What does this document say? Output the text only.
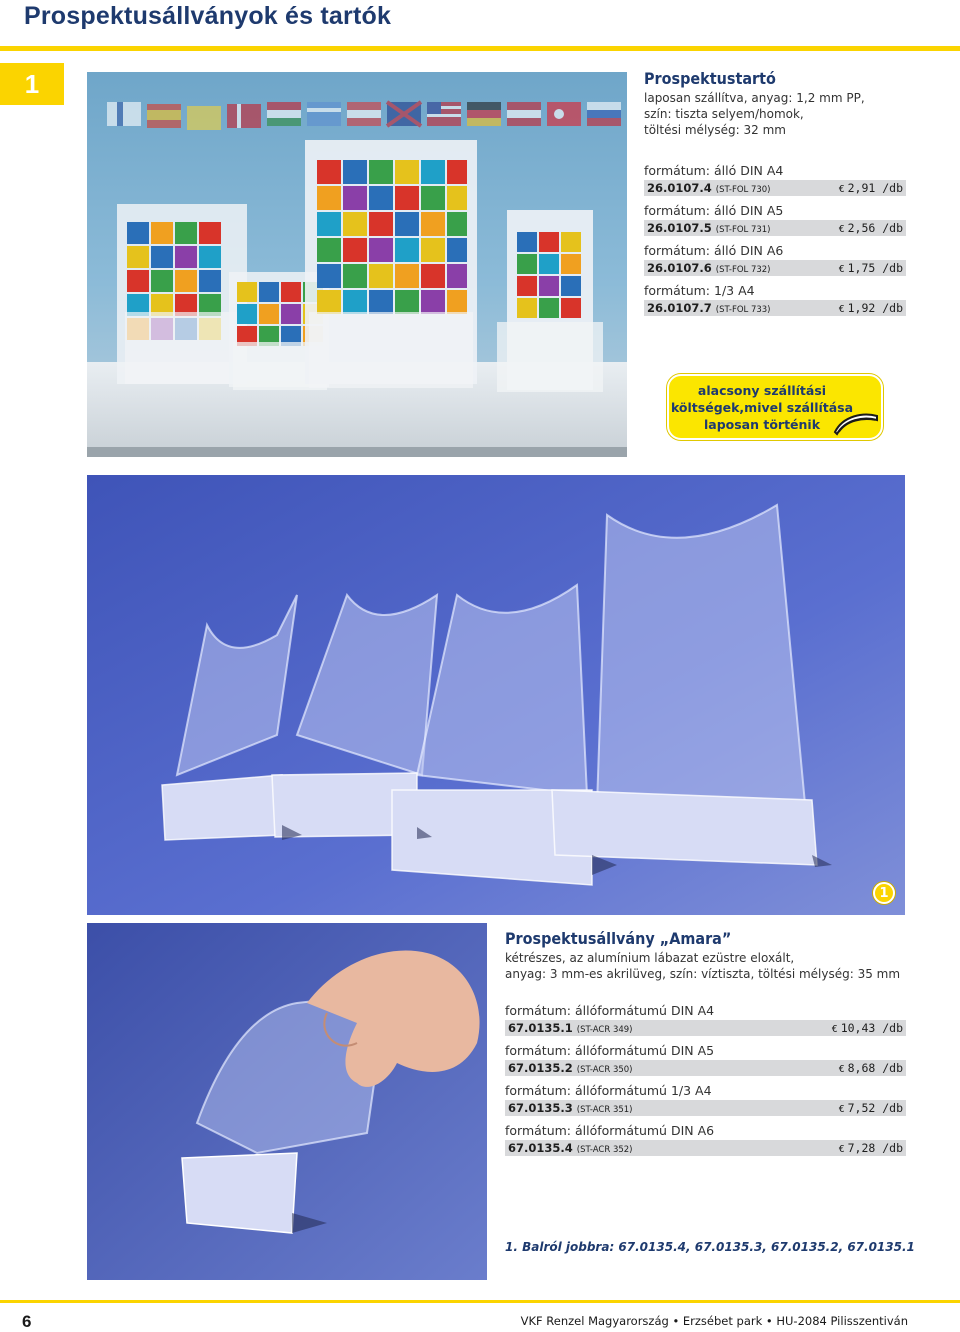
Prospektusállványok és tartók
1	Prospektustartó
laposan szállítva, anyag: 1,2 mm PP,
szín: tiszta selyem/homok,
töltési mélység: 32 mm
formátum: álló DIN A4
26.0107.4 (ST-FOL 730)	€ 2,91 /db
formátum: álló DIN A5
26.0107.5 (ST-FOL 731)	€ 2,56 /db
formátum: álló DIN A6
26.0107.6 (ST-FOL 732)	€ 1,75 /db
formátum: 1/3 A4
26.0107.7 (ST-FOL 733)	€ 1,92 /db
alacsony szállítási
költségek,mivel szállítása
laposan történik
1
Prospektusállvány „Amara”
kétrészes, az alumínium lábazat ezüstre eloxált,
anyag: 3 mm-es akrilüveg, szín: víztiszta, töltési mélység: 35 mm
formátum: állóformátumú DIN A4
67.0135.1 (ST-ACR 349)	€ 10,43 /db
formátum: állóformátumú DIN A5
67.0135.2 (ST-ACR 350)	€ 8,68 /db
formátum: állóformátumú 1/3 A4
67.0135.3 (ST-ACR 351)	€ 7,52 /db
formátum: állóformátumú DIN A6
67.0135.4 (ST-ACR 352)	€ 7,28 /db
1. Balról jobbra: 67.0135.4, 67.0135.3, 67.0135.2, 67.0135.1
6	VKF Renzel Magyarország • Erzsébet park • HU-2084 Pilisszentiván
